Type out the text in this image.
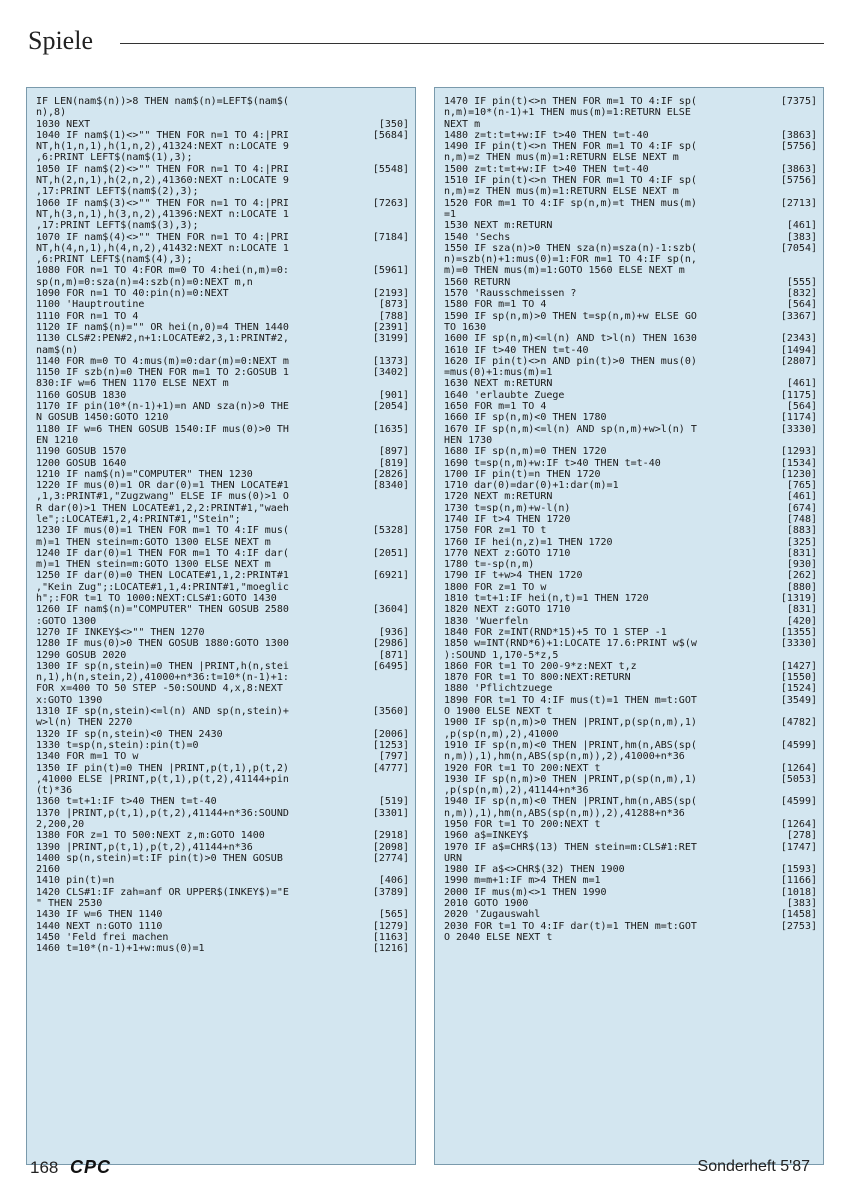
Spiele
IF LEN(nam$(n))>8 THEN nam$(n)=LEFT$(nam$(
n),8)
1030 NEXT	[350]
1040 IF nam$(1)<>"" THEN FOR n=1 TO 4:|PRI	[5684]
NT,h(1,n,1),h(1,n,2),41324:NEXT n:LOCATE 9
,6:PRINT LEFT$(nam$(1),3);
1050 IF nam$(2)<>"" THEN FOR n=1 TO 4:|PRI	[5548]
NT,h(2,n,1),h(2,n,2),41360:NEXT n:LOCATE 9
,17:PRINT LEFT$(nam$(2),3);
1060 IF nam$(3)<>"" THEN FOR n=1 TO 4:|PRI	[7263]
NT,h(3,n,1),h(3,n,2),41396:NEXT n:LOCATE 1
,17:PRINT LEFT$(nam$(3),3);
1070 IF nam$(4)<>"" THEN FOR n=1 TO 4:|PRI	[7184]
NT,h(4,n,1),h(4,n,2),41432:NEXT n:LOCATE 1
,6:PRINT LEFT$(nam$(4),3);
1080 FOR n=1 TO 4:FOR m=0 TO 4:hei(n,m)=0:	[5961]
sp(n,m)=0:sza(n)=4:szb(n)=0:NEXT m,n
1090 FOR n=1 TO 40:pin(n)=0:NEXT	[2193]
1100 'Hauptroutine	[873]
1110 FOR n=1 TO 4	[788]
1120 IF nam$(n)="" OR hei(n,0)=4 THEN 1440	[2391]
1130 CLS#2:PEN#2,n+1:LOCATE#2,3,1:PRINT#2,	[3199]
nam$(n)
1140 FOR m=0 TO 4:mus(m)=0:dar(m)=0:NEXT m	[1373]
1150 IF szb(n)=0 THEN FOR m=1 TO 2:GOSUB 1	[3402]
830:IF w=6 THEN 1170 ELSE NEXT m
1160 GOSUB 1830	[901]
1170 IF pin(10*(n-1)+1)=n AND sza(n)>0 THE	[2054]
N GOSUB 1450:GOTO 1210
1180 IF w=6 THEN GOSUB 1540:IF mus(0)>0 TH	[1635]
EN 1210
1190 GOSUB 1570	[897]
1200 GOSUB 1640	[819]
1210 IF nam$(n)="COMPUTER" THEN 1230	[2826]
1220 IF mus(0)=1 OR dar(0)=1 THEN LOCATE#1	[8340]
,1,3:PRINT#1,"Zugzwang" ELSE IF mus(0)>1 O
R dar(0)>1 THEN LOCATE#1,2,2:PRINT#1,"waeh
le";:LOCATE#1,2,4:PRINT#1,"Stein";
1230 IF mus(0)=1 THEN FOR m=1 TO 4:IF mus(	[5328]
m)=1 THEN stein=m:GOTO 1300 ELSE NEXT m
1240 IF dar(0)=1 THEN FOR m=1 TO 4:IF dar(	[2051]
m)=1 THEN stein=m:GOTO 1300 ELSE NEXT m
1250 IF dar(0)=0 THEN LOCATE#1,1,2:PRINT#1	[6921]
,"Kein Zug";:LOCATE#1,1,4:PRINT#1,"moeglic
h";:FOR t=1 TO 1000:NEXT:CLS#1:GOTO 1430
1260 IF nam$(n)="COMPUTER" THEN GOSUB 2580	[3604]
:GOTO 1300
1270 IF INKEY$<>"" THEN 1270	[936]
1280 IF mus(0)>0 THEN GOSUB 1880:GOTO 1300	[2986]
1290 GOSUB 2020	[871]
1300 IF sp(n,stein)=0 THEN |PRINT,h(n,stei	[6495]
n,1),h(n,stein,2),41000+n*36:t=10*(n-1)+1:
FOR x=400 TO 50 STEP -50:SOUND 4,x,8:NEXT
x:GOTO 1390
1310 IF sp(n,stein)<=l(n) AND sp(n,stein)+	[3560]
w>l(n) THEN 2270
1320 IF sp(n,stein)<0 THEN 2430	[2006]
1330 t=sp(n,stein):pin(t)=0	[1253]
1340 FOR m=1 TO w	[797]
1350 IF pin(t)=0 THEN |PRINT,p(t,1),p(t,2)	[4777]
,41000 ELSE |PRINT,p(t,1),p(t,2),41144+pin
(t)*36
1360 t=t+1:IF t>40 THEN t=t-40	[519]
1370 |PRINT,p(t,1),p(t,2),41144+n*36:SOUND	[3301]
2,200,20
1380 FOR z=1 TO 500:NEXT z,m:GOTO 1400	[2918]
1390 |PRINT,p(t,1),p(t,2),41144+n*36	[2098]
1400 sp(n,stein)=t:IF pin(t)>0 THEN GOSUB	[2774]
2160
1410 pin(t)=n	[406]
1420 CLS#1:IF zah=anf OR UPPER$(INKEY$)="E	[3789]
" THEN 2530
1430 IF w=6 THEN 1140	[565]
1440 NEXT n:GOTO 1110	[1279]
1450 'Feld frei machen	[1163]
1460 t=10*(n-1)+1+w:mus(0)=1	[1216]
1470 IF pin(t)<>n THEN FOR m=1 TO 4:IF sp(	[7375]
n,m)=10*(n-1)+1 THEN mus(m)=1:RETURN ELSE
NEXT m
1480 z=t:t=t+w:IF t>40 THEN t=t-40	[3863]
1490 IF pin(t)<>n THEN FOR m=1 TO 4:IF sp(	[5756]
n,m)=z THEN mus(m)=1:RETURN ELSE NEXT m
1500 z=t:t=t+w:IF t>40 THEN t=t-40	[3863]
1510 IF pin(t)<>n THEN FOR m=1 TO 4:IF sp(	[5756]
n,m)=z THEN mus(m)=1:RETURN ELSE NEXT m
1520 FOR m=1 TO 4:IF sp(n,m)=t THEN mus(m)	[2713]
=1
1530 NEXT m:RETURN	[461]
1540 'Sechs	[383]
1550 IF sza(n)>0 THEN sza(n)=sza(n)-1:szb(	[7054]
n)=szb(n)+1:mus(0)=1:FOR m=1 TO 4:IF sp(n,
m)=0 THEN mus(m)=1:GOTO 1560 ELSE NEXT m
1560 RETURN	[555]
1570 'Rausschmeissen ?	[832]
1580 FOR m=1 TO 4	[564]
1590 IF sp(n,m)>0 THEN t=sp(n,m)+w ELSE GO	[3367]
TO 1630
1600 IF sp(n,m)<=l(n) AND t>l(n) THEN 1630	[2343]
1610 IF t>40 THEN t=t-40	[1494]
1620 IF pin(t)<>n AND pin(t)>0 THEN mus(0)	[2807]
=mus(0)+1:mus(m)=1
1630 NEXT m:RETURN	[461]
1640 'erlaubte Zuege	[1175]
1650 FOR m=1 TO 4	[564]
1660 IF sp(n,m)<0 THEN 1780	[1174]
1670 IF sp(n,m)<=l(n) AND sp(n,m)+w>l(n) T	[3330]
HEN 1730
1680 IF sp(n,m)=0 THEN 1720	[1293]
1690 t=sp(n,m)+w:IF t>40 THEN t=t-40	[1534]
1700 IF pin(t)=n THEN 1720	[1230]
1710 dar(0)=dar(0)+1:dar(m)=1	[765]
1720 NEXT m:RETURN	[461]
1730 t=sp(n,m)+w-l(n)	[674]
1740 IF t>4 THEN 1720	[748]
1750 FOR z=1 TO t	[883]
1760 IF hei(n,z)=1 THEN 1720	[325]
1770 NEXT z:GOTO 1710	[831]
1780 t=-sp(n,m)	[930]
1790 IF t+w>4 THEN 1720	[262]
1800 FOR z=1 TO w	[880]
1810 t=t+1:IF hei(n,t)=1 THEN 1720	[1319]
1820 NEXT z:GOTO 1710	[831]
1830 'Wuerfeln	[420]
1840 FOR z=INT(RND*15)+5 TO 1 STEP -1	[1355]
1850 w=INT(RND*6)+1:LOCATE 17.6:PRINT w$(w	[3330]
):SOUND 1,170-5*z,5
1860 FOR t=1 TO 200-9*z:NEXT t,z	[1427]
1870 FOR t=1 TO 800:NEXT:RETURN	[1550]
1880 'Pflichtzuege	[1524]
1890 FOR t=1 TO 4:IF mus(t)=1 THEN m=t:GOT	[3549]
O 1900 ELSE NEXT t
1900 IF sp(n,m)>0 THEN |PRINT,p(sp(n,m),1)	[4782]
,p(sp(n,m),2),41000
1910 IF sp(n,m)<0 THEN |PRINT,hm(n,ABS(sp(	[4599]
n,m)),1),hm(n,ABS(sp(n,m)),2),41000+n*36
1920 FOR t=1 TO 200:NEXT t	[1264]
1930 IF sp(n,m)>0 THEN |PRINT,p(sp(n,m),1)	[5053]
,p(sp(n,m),2),41144+n*36
1940 IF sp(n,m)<0 THEN |PRINT,hm(n,ABS(sp(	[4599]
n,m)),1),hm(n,ABS(sp(n,m)),2),41288+n*36
1950 FOR t=1 TO 200:NEXT t	[1264]
1960 a$=INKEY$	[278]
1970 IF a$=CHR$(13) THEN stein=m:CLS#1:RET	[1747]
URN
1980 IF a$<>CHR$(32) THEN 1900	[1593]
1990 m=m+1:IF m>4 THEN m=1	[1166]
2000 IF mus(m)<>1 THEN 1990	[1018]
2010 GOTO 1900	[383]
2020 'Zugauswahl	[1458]
2030 FOR t=1 TO 4:IF dar(t)=1 THEN m=t:GOT	[2753]
O 2040 ELSE NEXT t
168 CPC	Sonderheft 5'87
